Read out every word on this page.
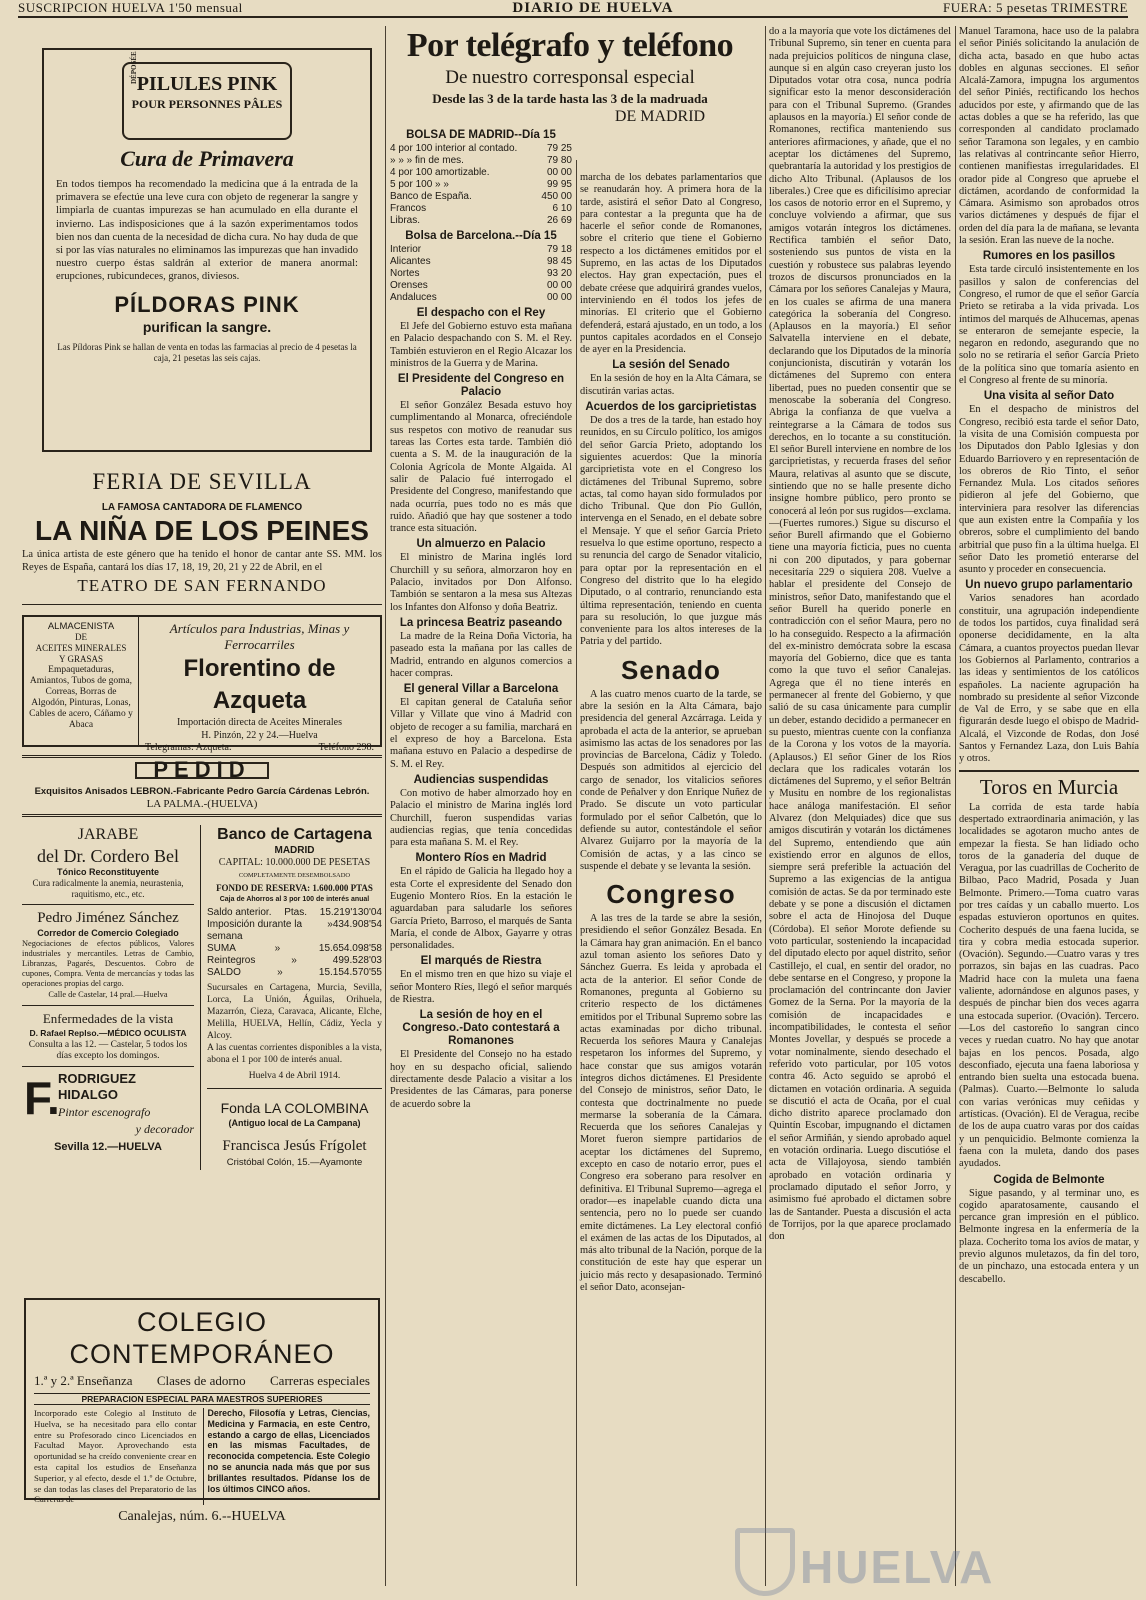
SUSCRIPCION HUELVA 1'50 mensual	DIARIO DE HUELVA	FUERA: 5 pesetas TRIMESTRE
DÉPOSÉE
PILULES PINK
POUR PERSONNES PÂLES
Cura de Primavera
En todos tiempos ha recomendado la medicina que á la entrada de la primavera se efectúe una leve cura con objeto de regenerar la sangre y limpiarla de cuantas impurezas se han acumulado en ella durante el invierno. Las indisposiciones que á la sazón experimentamos todos bien nos dan cuenta de la necesidad de dicha cura. No hay duda de que si por las vías naturales no eliminamos las impurezas que han invadido nuestro cuerpo éstas saldrán al exterior de manera anormal: erupciones, rubicundeces, granos, diviesos.
PÍLDORAS PINK
purifican la sangre.
Las Píldoras Pink se hallan de venta en todas las farmacias al precio de 4 pesetas la caja, 21 pesetas las seis cajas.
FERIA DE SEVILLA
LA FAMOSA CANTADORA DE FLAMENCO
LA NIÑA DE LOS PEINES
La única artista de este género que ha tenido el honor de cantar ante SS. MM. los Reyes de España, cantará los días 17, 18, 19, 20, 21 y 22 de Abril, en el
TEATRO DE SAN FERNANDO
ALMACENISTA
DE
ACEITES MINERALES
Y GRASAS
Empaquetaduras, Amiantos, Tubos de goma, Correas, Borras de Algodón, Pinturas, Lonas, Cables de acero, Cáñamo y Abaca
Artículos para Industrias, Minas y Ferrocarriles
Florentino de Azqueta
Importación directa de Aceites Minerales
H. Pinzón, 22 y 24.—Huelva
Telegramas: Azqueta.	Teléfono 298.
PEDID
Exquisitos Anisados LEBRON.-Fabricante Pedro García Cárdenas Lebrón.
LA PALMA.-(HUELVA)
JARABE
del Dr. Cordero Bel
Tónico Reconstituyente
Cura radicalmente la anemia, neurastenia, raquitismo, etc., etc.
Pedro Jiménez Sánchez
Corredor de Comercio Colegiado
Negociaciones de efectos públicos, Valores industriales y mercantiles. Letras de Cambio, Libranzas, Pagarés, Descuentos. Cobro de cupones, Compra. Venta de mercancías y todas las operaciones propias del cargo.
Calle de Castelar, 14 pral.—Huelva
Enfermedades de la vista
D. Rafael Replso.—MÉDICO OCULISTA
Consulta a las 12. — Castelar, 5 todos los días excepto los domingos.
F.
RODRIGUEZ HIDALGO
Pintor escenografo
y decorador
Sevilla 12.—HUELVA
Banco de Cartagena
MADRID
CAPITAL: 10.000.000 DE PESETAS
COMPLETAMENTE DESEMBOLSADO
FONDO DE RESERVA: 1.600.000 PTAS
Caja de Ahorros al 3 por 100 de interés anual
Saldo anterior. Ptas. 15.219'130'04
Imposición durante la semana
» 434.908'54
SUMA	»	15.654.098'58
Reintegros	»	499.528'03
SALDO	»	15.154.570'55
Sucursales en Cartagena, Murcia, Sevilla, Lorca, La Unión, Águilas, Orihuela, Mazarrón, Cieza, Caravaca, Alicante, Elche, Melilla, HUELVA, Hellín, Cádiz, Yecla y Alcoy.
A las cuentas corrientes disponibles a la vista, abona el 1 por 100 de interés anual.
Huelva 4 de Abril 1914.
Fonda LA COLOMBINA
(Antiguo local de La Campana)
Francisca Jesús Frígolet
Cristóbal Colón, 15.—Ayamonte
COLEGIO CONTEMPORÁNEO
1.ª y 2.ª Enseñanza Clases de adorno Carreras especiales
PREPARACION ESPECIAL PARA MAESTROS SUPERIORES
Incorporado este Colegio al Instituto de Huelva, se ha necesitado para ello contar entre su Profesorado cinco Licenciados en Facultad Mayor. Aprovechando esta oportunidad se ha creído conveniente crear en esta capital los estudios de Enseñanza Superior, y al efecto, desde el 1.º de Octubre, se dan todas las clases del Preparatorio de las Carreras de
Derecho, Filosofía y Letras, Ciencias, Medicina y Farmacia, en este Centro, estando a cargo de ellas, Licenciados en las mismas Facultades, de reconocida competencia. Este Colegio no se anuncia nada más que por sus brillantes resultados. Pídanse los de los últimos CINCO años.
Canalejas, núm. 6.--HUELVA
Por telégrafo y teléfono
De nuestro corresponsal especial
Desde las 3 de la tarde hasta las 3 de la madruada
DE MADRID
BOLSA DE MADRID--Día 15
4 por 100 interior al contado.	79 25
» » » fin de mes.	79 80
4 por 100 amortizable.	00 00
5 por 100 » »	99 95
Banco de España.	450 00
Francos	6 10
Libras.	26 69
Bolsa de Barcelona.--Día 15
Interior	79 18
Alicantes	98 45
Nortes	93 20
Orenses	00 00
Andaluces	00 00
El despacho con el Rey

El Jefe del Gobierno estuvo esta mañana en Palacio despachando con S. M. el Rey. También estuvieron en el Regio Alcazar los ministros de la Guerra y de Marina.

El Presidente del Congreso en Palacio

El señor González Besada estuvo hoy cumplimentando al Monarca, ofreciéndole sus respetos con motivo de reanudar sus tareas las Cortes esta tarde. También dió cuenta a S. M. de la inauguración de la Colonia Agrícola de Monte Algaida. Al salir de Palacio fué interrogado el Presidente del Congreso, manifestando que nada ocurría, pues todo no es más que ruido. Añadió que hay que sostener a todo trance esta situación.

Un almuerzo en Palacio

El ministro de Marina inglés lord Churchill y su señora, almorzaron hoy en Palacio, invitados por Don Alfonso. Tambión se sentaron a la mesa sus Altezas los Infantes don Alfonso y doña Beatriz.

La princesa Beatriz paseando

La madre de la Reina Doña Victoria, ha paseado esta la mañana por las calles de Madrid, entrando en algunos comercios a hacer compras.

El general Villar a Barcelona

El capitan general de Cataluña señor Villar y Villate que vino á Madrid con objeto de recoger a su familia, marchará en el expreso de hoy a Barcelona. Esta mañana estuvo en Palacio a despedirse de S. M. el Rey.

Audiencias suspendidas

Con motivo de haber almorzado hoy en Palacio el ministro de Marina inglés lord Churchill, fueron suspendidas varias audiencias regias, que tenía concedidas para esta mañana S. M. el Rey.

Montero Ríos en Madrid

En el rápido de Galicia ha llegado hoy a esta Corte el expresidente del Senado don Eugenio Montero Ríos. En la estación le aguardaban para saludarle los señores García Prieto, Barroso, el marqués de Santa María, el conde de Albox, Gayarre y otras personalidades.

El marqués de Riestra

En el mismo tren en que hizo su viaje el señor Montero Ríes, llegó el señor marqués de Riestra.

La sesión de hoy en el Congreso.-Dato contestará a Romanones

El Presidente del Consejo no ha estado hoy en su despacho oficial, saliendo directamente desde Palacio a visitar a los Presidentes de las Cámaras, para ponerse de acuerdo sobre la

marcha de los debates parlamentarios que se reanudarán hoy. A primera hora de la tarde, asistirá el señor Dato al Congreso, para contestar a la pregunta que ha de hacerle el señor conde de Romanones, sobre el criterio que tiene el Gobierno respecto a los dictámenes emitidos por el Supremo, en las actas de los Diputados electos. Hay gran expectación, pues el debate créese que adquirirá grandes vuelos, interviniendo en él todos los jefes de minorías. El criterio que el Gobierno defenderá, estará ajustado, en un todo, a los puntos capitales acordados en el Consejo de ayer en la Presidencia.

La sesión del Senado

En la sesión de hoy en la Alta Cámara, se discutirán varias actas.

Acuerdos de los garciprietistas

De dos a tres de la tarde, han estado hoy reunidos, en su Círculo político, los amigos del señor García Prieto, adoptando los siguientes acuerdos: Que la minoría garciprietista vote en el Congreso los dictámenes del Tribunal Supremo, sobre actas, tal como hayan sido formulados por dicho Tribunal. Que don Pío Gullón, intervenga en el Senado, en el debate sobre el Mensaje. Y que el señor García Prieto resuelva lo que estime oportuno, respecto a su renuncia del cargo de Senador vitalicio, para optar por la representación en el Congreso del distrito que lo ha elegido Diputado, o al contrario, renunciando esta última representación, teniendo en cuenta para su resolución, lo que juzgue más conveniente para los altos intereses de la Patria y del partido.

Senado

A las cuatro menos cuarto de la tarde, se abre la sesión en la Alta Cámara, bajo presidencia del general Azcárraga. Leida y aprobada el acta de la anterior, se aprueban asimismo las actas de los senadores por las provincias de Barcelona, Cádiz y Toledo. Después son admitidos al ejercicio del cargo de senador, los vitalicios señores conde de Peñalver y don Enrique Nuñez de Prado. Se discute un voto particular formulado por el señor Calbetón, que lo defiende su autor, contestándole el señor Alvarez Guijarro por la mayoría de la Comisión de actas, y a las cinco se suspende el debate y se levanta la sesión.

Congreso

A las tres de la tarde se abre la sesión, presidiendo el señor González Besada. En la Cámara hay gran animación. En el banco azul toman asiento los señores Dato y Sánchez Guerra. Es leida y aprobada el acta de la anterior. El señor Conde de Romanones, pregunta al Gobierno su criterio respecto de los dictámenes emitidos por el Tribunal Supremo sobre las actas examinadas por dicho tribunal. Recuerda los señores Maura y Canalejas respetaron los informes del Supremo, y hace constar que sus amigos votarán íntegros dichos dictámenes. El Presidente del Consejo de ministros, señor Dato, le contesta que doctrinalmente no puede mermarse la soberanía de la Cámara. Recuerda que los señores Canalejas y Moret fueron siempre partidarios de aceptar los dictámenes del Supremo, excepto en caso de notario error, pues el Congreso era soberano para resolver en definitiva. El Tribunal Supremo—agrega el orador—es inapelable cuando dicta una sentencia, pero no lo puede ser cuando emite dictámenes. La Ley electoral confió el exámen de las actas de los Diputados, al más alto tribunal de la Nación, porque de la constitución de este hay que esperar un juicio más recto y desapasionado. Terminó el señor Dato, aconsejan-

do a la mayoría que vote los dictámenes del Tribunal Supremo, sin tener en cuenta para nada prejuicios políticos de ninguna clase, aunque si en algún caso creyeran justo los Diputados votar otra cosa, nunca podría significar esto la menor desconsideración para con el Tribunal Supremo. (Grandes aplausos en la mayoría.) El señor conde de Romanones, rectifica manteniendo sus anteriores afirmaciones, y añade, que el no aceptar los dictámenes del Supremo, quebrantaría la autoridad y los prestigios de dicho Alto Tribunal. (Aplausos de los liberales.) Cree que es dificilísimo apreciar los casos de notorio error en el Supremo, y concluye volviendo a afirmar, que sus amigos votarán íntegros los dictámenes. Rectifica también el señor Dato, sosteniendo sus puntos de vista en la cuestión y robustece sus palabras leyendo trozos de discursos pronunciados en la Cámara por los señores Canalejas y Maura, en los cuales se afirma de una manera categórica la soberanía del Congreso. (Aplausos en la mayoría.) El señor Salvatella interviene en el debate, declarando que los Diputados de la minoría conjuncionista, discutirán y votarán los dictámenes del Supremo con entera libertad, pues no pueden consentir que se menoscabe la soberanía del Congreso. Abriga la confianza de que vuelva a reintegrarse a la Cámara de todos sus derechos, en lo tocante a su constitución. El señor Burell interviene en nombre de los garciprietistas, y recuerda frases del señor Maura, relativas al asunto que se discute, sintiendo que no se halle presente dicho insigne hombre público, pero pronto se conocerá al león por sus rugidos—exclama.—(Fuertes rumores.) Sigue su discurso el señor Burell afirmando que el Gobierno tiene una mayoría ficticia, pues no cuenta ni con 200 diputados, y para gobernar necesitaría 229 o siquiera 208. Vuelve a hablar el presidente del Consejo de ministros, señor Dato, manifestando que el señor Burell ha querido ponerle en contradicción con el señor Maura, pero no lo ha conseguido. Respecto a la afirmación del ex-ministro demócrata sobre la escasa mayoría del Gobierno, dice que es tanta como la que tuvo el señor Canalejas. Agrega que él no tiene interés en permanecer al frente del Gobierno, y que salió de su casa únicamente para cumplir un deber, estando decidido a permanecer en su puesto, mientras cuente con la confianza de la Corona y los votos de la mayoría. (Aplausos.) El señor Giner de los Ríos declara que los radicales votarán los dictámenes del Supremo, y el señor Beltrán y Musitu en nombre de los regionalistas hace análoga manifestación. El señor Alvarez (don Melquiades) dice que sus amigos discutirán y votarán los dictámenes del Supremo, entendiendo que aún existiendo error en algunos de ellos, siempre será preferible la actuación del Supremo a las exigencias de la antigua comisión de actas. Se da por terminado este debate y se pone a discusión el dictamen sobre el acta de Hinojosa del Duque (Córdoba). El señor Morote defiende su voto particular, sosteniendo la incapacidad del diputado electo por aquel distrito, señor Castillejo, el cual, en sentir del orador, no debe sentarse en el Congreso, y propone la proclamación del contrincante don Javier Gomez de la Serna. Por la mayoría de la comisión de incapacidades e incompatibilidades, le contesta el señor Montes Jovellar, y después se procede a votar nominalmente, siendo desechado el referido voto particular, por 105 votos contra 46. Acto seguido se aprobó el dictamen en votación ordinaria. A seguida se discutió el acta de Ocaña, por el cual dicho distrito aparece proclamado don Quintín Escobar, impugnando el dictamen el señor Armiñán, y siendo aprobado aquel en votación ordinaria. Luego discutióse el acta de Villajoyosa, siendo también aprobado en votación ordinaria y proclamado diputado el señor Jorro, y asimismo fué aprobado el dictamen sobre las de Santander. Puesta a discusión el acta de Torrijos, por la que aparece proclamado don

Manuel Taramona, hace uso de la palabra el señor Piniés solicitando la anulación de dicha acta, basado en que hubo actas dobles en algunas secciones. El señor Alcalá-Zamora, impugna los argumentos del señor Piniés, rectificando los hechos aducidos por este, y afirmando que de las actas dobles a que se ha referido, las que corresponden al candidato proclamado señor Taramona son legales, y en cambio las relativas al contrincante señor Hierro, contienen manifiestas irregularidades. El orador pide al Congreso que apruebe el dictámen, acordando de conformidad la Cámara. Asimismo son aprobados otros varios dictámenes y después de fijar el orden del día para la de mañana, se levanta la sesión. Eran las nueve de la noche.

Rumores en los pasillos

Esta tarde circuló insistentemente en los pasillos y salon de conferencias del Congreso, el rumor de que el señor García Prieto se retiraba a la vida privada. Los íntimos del marqués de Alhucemas, apenas se enteraron de semejante especie, la negaron en redondo, asegurando que no solo no se retiraría el señor García Prieto de la política sino que tomaría asiento en el Congreso al frente de su minoría.

Una visita al señor Dato

En el despacho de ministros del Congreso, recibió esta tarde el señor Dato, la visita de una Comisión compuesta por los Diputados don Pablo Iglesias y don Eduardo Barriovero y en representación de los obreros de Rio Tinto, el señor Fernandez Mula. Los citados señores pidieron al jefe del Gobierno, que interviniera para resolver las diferencias que aun existen entre la Compañía y los obreros, sobre el cumplimiento del bando arbitrial que puso fin a la última huelga. El señor Dato les prometió enterarse del asunto y proceder en consecuencia.

Un nuevo grupo parlamentario

Varios senadores han acordado constituir, una agrupación independiente de todos los partidos, cuya finalidad será oponerse decididamente, en la alta Cámara, a cuantos proyectos puedan llevar los Gobiernos al Parlamento, contrarios a las ideas y sentimientos de los católicos españoles. La naciente agrupación ha nombrado su presidente al señor Vizconde de Val de Erro, y se sabe que en ella figurarán desde luego el obispo de Madrid-Alcalá, el Vizconde de Rodas, don José Santos y Fernandez Laza, don Luis Bahía y otros.

Toros en Murcia

La corrida de esta tarde había despertado extraordinaria animación, y las localidades se agotaron mucho antes de empezar la fiesta. Se han lidiado ocho toros de la ganadería del duque de Veragua, por las cuadrillas de Cocherito de Bilbao, Paco Madrid, Posada y Juan Belmonte. Primero.—Toma cuatro varas por tres caídas y un caballo muerto. Los espadas estuvieron oportunos en quites. Cocherito después de una faena lucida, se tira y cobra media estocada superior. (Ovación). Segundo.—Cuatro varas y tres porrazos, sin bajas en las cuadras. Paco Madrid hace con la muleta una faena valiente, adornándose en algunos pases, y después de pinchar bien dos veces agarra una estocada superior. (Ovación). Tercero.—Los del castoreño lo sangran cinco veces y ruedan cuatro. No hay que anotar bajas en los pencos. Posada, algo desconfiado, ejecuta una faena laboriosa y entrando bien suelta una estocada buena. (Palmas). Cuarto.—Belmonte lo saluda con varias verónicas muy ceñidas y artísticas. (Ovación). El de Veragua, recibe de los de aupa cuatro varas por dos caídas y un penquicidio. Belmonte comienza la faena con la muleta, dando dos pases ayudados.

Cogida de Belmonte

Sigue pasando, y al terminar uno, es cogido aparatosamente, causando el percance gran impresión en el público. Belmonte ingresa en la enfermería de la plaza. Cocherito toma los avíos de matar, y previo algunos muletazos, da fin del toro, de un pinchazo, una estocada entera y un descabello.

HUELVA
